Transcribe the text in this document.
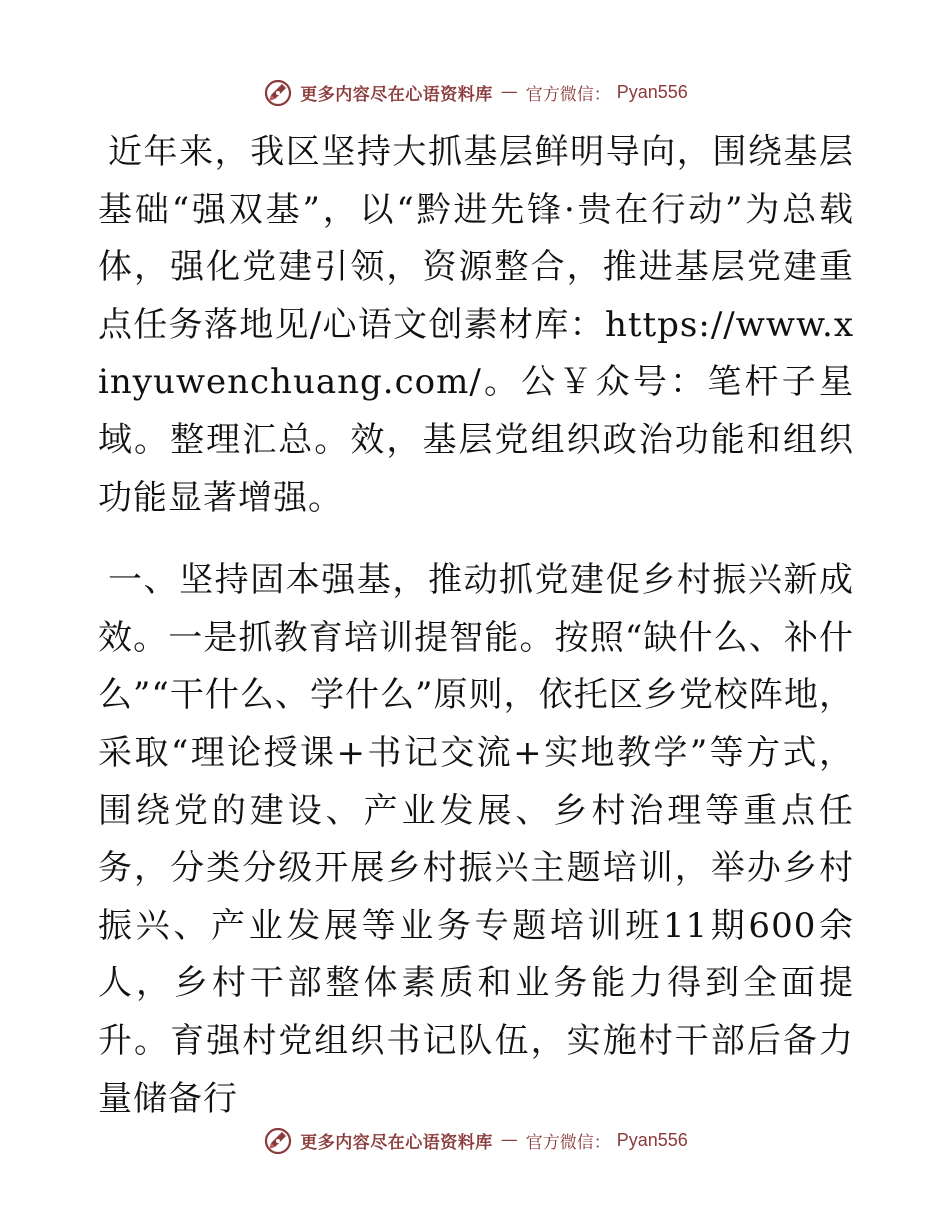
更多内容尽在心语资料库 — 官方微信： Pyan556

近年来，我区坚持大抓基层鲜明导向，围绕基层基础“强双基”，以“黔进先锋·贵在行动”为总载体，强化党建引领，资源整合，推进基层党建重点任务落地见/心语文创素材库：https://www.xinyuwenchuang.com/。公￥众号：笔杆子星域。整理汇总。效，基层党组织政治功能和组织功能显著增强。

一、坚持固本强基，推动抓党建促乡村振兴新成效。一是抓教育培训提智能。按照“缺什么、补什么”“干什么、学什么”原则，依托区乡党校阵地，采取“理论授课+书记交流+实地教学”等方式，围绕党的建设、产业发展、乡村治理等重点任务，分类分级开展乡村振兴主题培训，举办乡村振兴、产业发展等业务专题培训班11期600余人，乡村干部整体素质和业务能力得到全面提升。育强村党组织书记队伍，实施村干部后备力量储备行

更多内容尽在心语资料库 — 官方微信： Pyan556
